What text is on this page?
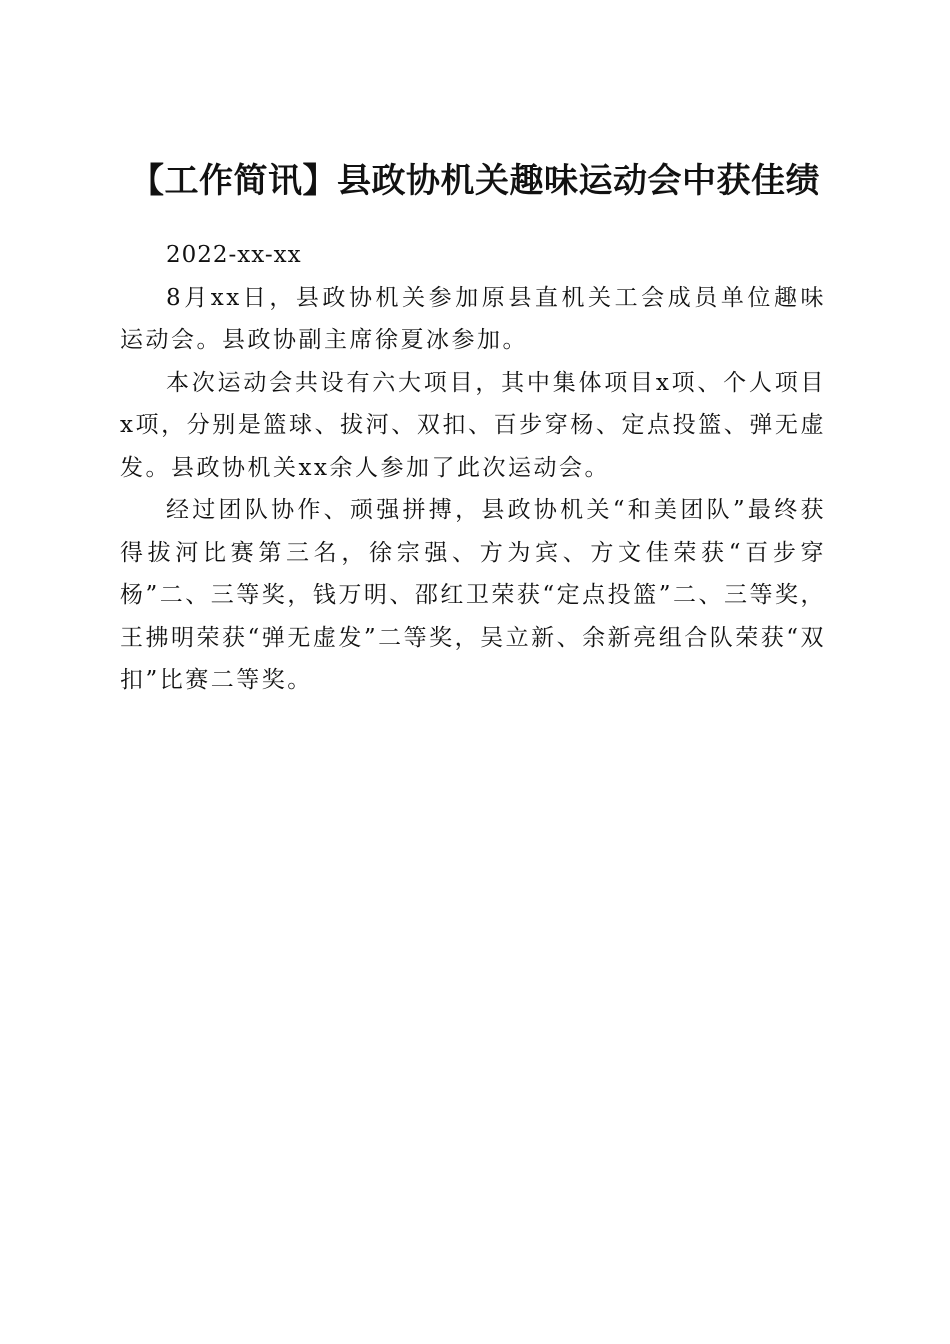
【工作简讯】县政协机关趣味运动会中获佳绩

2022-xx-xx

8月xx日，县政协机关参加原县直机关工会成员单位趣味运动会。县政协副主席徐夏冰参加。

本次运动会共设有六大项目，其中集体项目x项、个人项目x项，分别是篮球、拔河、双扣、百步穿杨、定点投篮、弹无虚发。县政协机关xx余人参加了此次运动会。

经过团队协作、顽强拼搏，县政协机关“和美团队”最终获得拔河比赛第三名，徐宗强、方为宾、方文佳荣获“百步穿杨”二、三等奖，钱万明、邵红卫荣获“定点投篮”二、三等奖，王拂明荣获“弹无虚发”二等奖，吴立新、余新亮组合队荣获“双扣”比赛二等奖。
